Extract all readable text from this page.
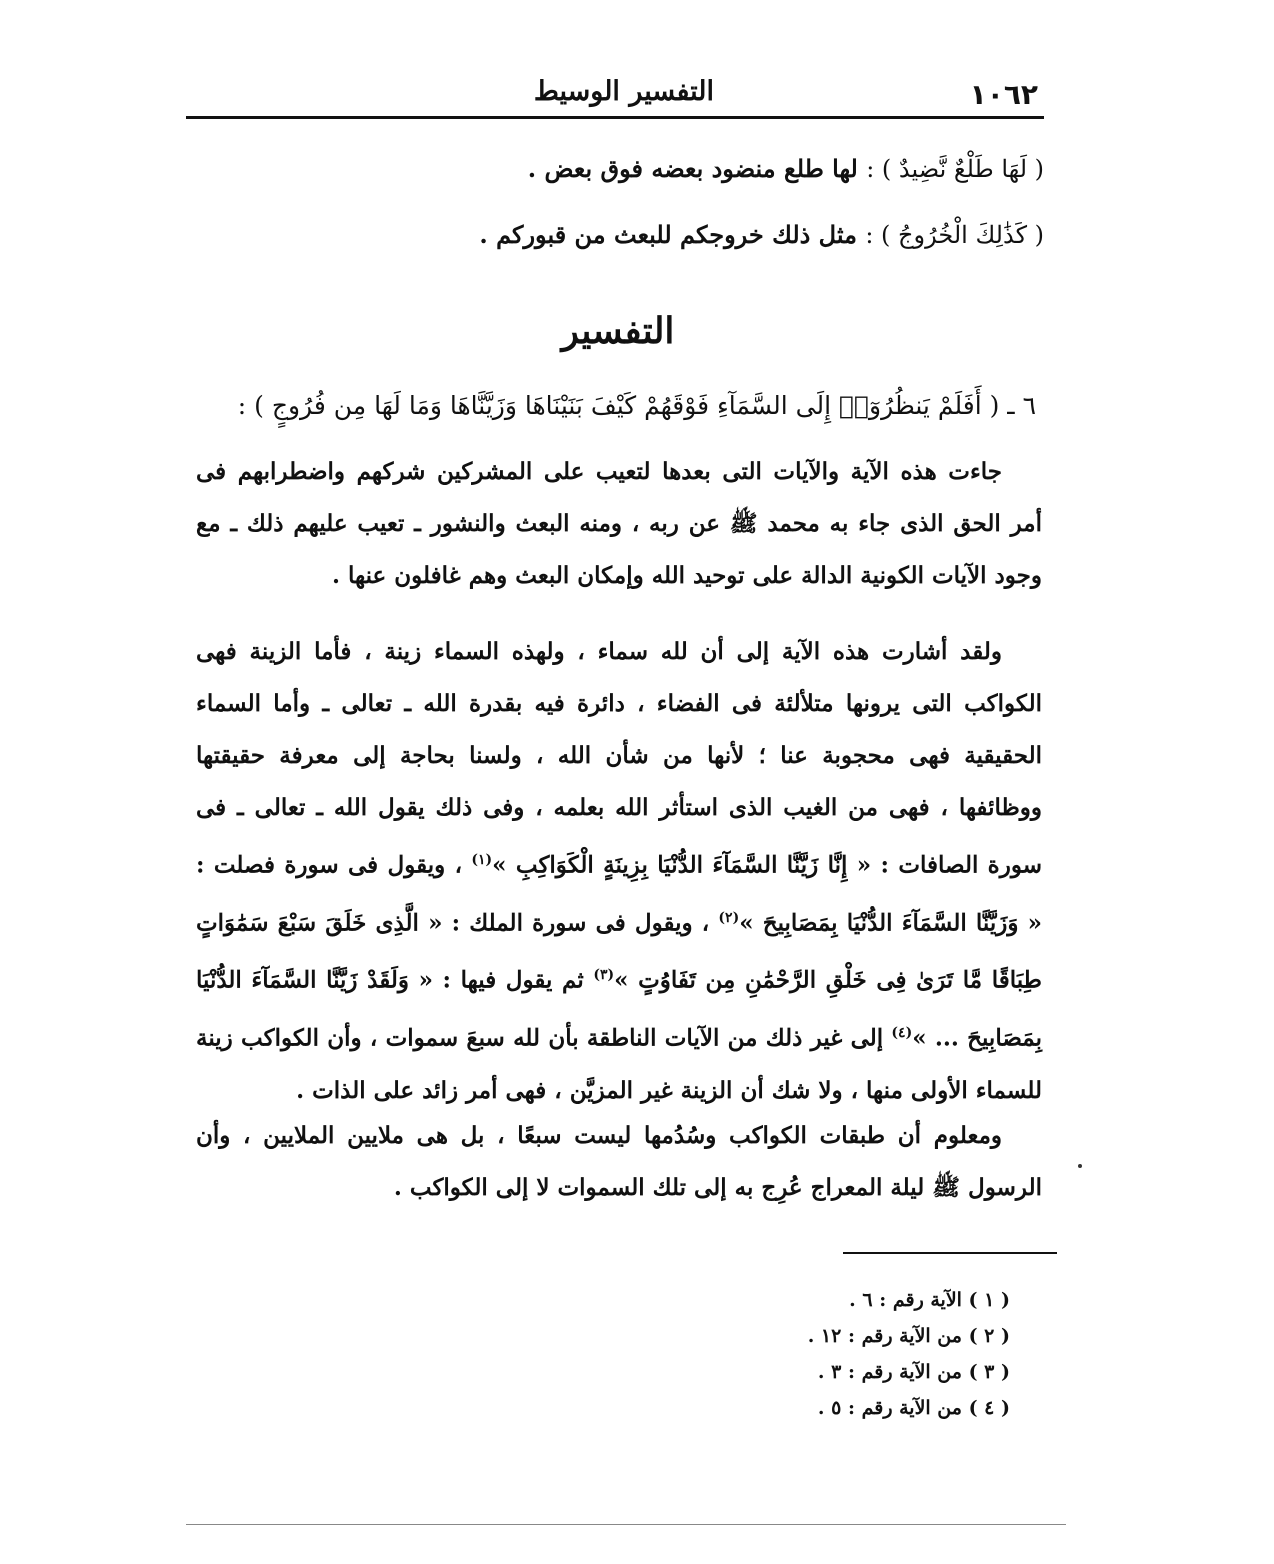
١٠٦٢
التفسير الوسيط
( لَهَا طَلْعٌ نَّضِيدٌ ) : لها طلع منضود بعضه فوق بعض .
( كَذَٰلِكَ الْخُرُوجُ ) : مثل ذلك خروجكم للبعث من قبوركم .
التفسير
٦ ـ ( أَفَلَمْ يَنظُرُوٓا۟ إِلَى السَّمَآءِ فَوْقَهُمْ كَيْفَ بَنَيْنَاهَا وَزَيَّنَّاهَا وَمَا لَهَا مِن فُرُوجٍ ) :
جاءت هذه الآية والآيات التى بعدها لتعيب على المشركين شركهم واضطرابهم فى أمر الحق الذى جاء به محمد ﷺ عن ربه ، ومنه البعث والنشور ـ تعيب عليهم ذلك ـ مع وجود الآيات الكونية الدالة على توحيد الله وإمكان البعث وهم غافلون عنها .
ولقد أشارت هذه الآية إلى أن لله سماء ، ولهذه السماء زينة ، فأما الزينة فهى الكواكب التى يرونها متلألئة فى الفضاء ، دائرة فيه بقدرة الله ـ تعالى ـ وأما السماء الحقيقية فهى محجوبة عنا ؛ لأنها من شأن الله ، ولسنا بحاجة إلى معرفة حقيقتها ووظائفها ، فهى من الغيب الذى استأثر الله بعلمه ، وفى ذلك يقول الله ـ تعالى ـ فى سورة الصافات : « إِنَّا زَيَّنَّا السَّمَآءَ الدُّنْيَا بِزِينَةٍ الْكَوَاكِبِ »$^{(١)}$ ، ويقول فى سورة فصلت : « وَزَيَّنَّا السَّمَآءَ الدُّنْيَا بِمَصَابِيحَ »$^{(٢)}$ ، ويقول فى سورة الملك : « الَّذِى خَلَقَ سَبْعَ سَمَٰوَاتٍ طِبَاقًا مَّا تَرَىٰ فِى خَلْقِ الرَّحْمَٰنِ مِن تَفَاوُتٍ »$^{(٣)}$ ثم يقول فيها : « وَلَقَدْ زَيَّنَّا السَّمَآءَ الدُّنْيَا بِمَصَابِيحَ ... »$^{(٤)}$ إلى غير ذلك من الآيات الناطقة بأن لله سبعَ سموات ، وأن الكواكب زينة للسماء الأولى منها ، ولا شك أن الزينة غير المزيَّن ، فهى أمر زائد على الذات .
ومعلوم أن طبقات الكواكب وسُدُمها ليست سبعًا ، بل هى ملايين الملايين ، وأن الرسول ﷺ ليلة المعراج عُرِج به إلى تلك السموات لا إلى الكواكب .
( ١ ) الآية رقم : ٦ .
( ٢ ) من الآية رقم : ١٢ .
( ٣ ) من الآية رقم : ٣ .
( ٤ ) من الآية رقم : ٥ .
